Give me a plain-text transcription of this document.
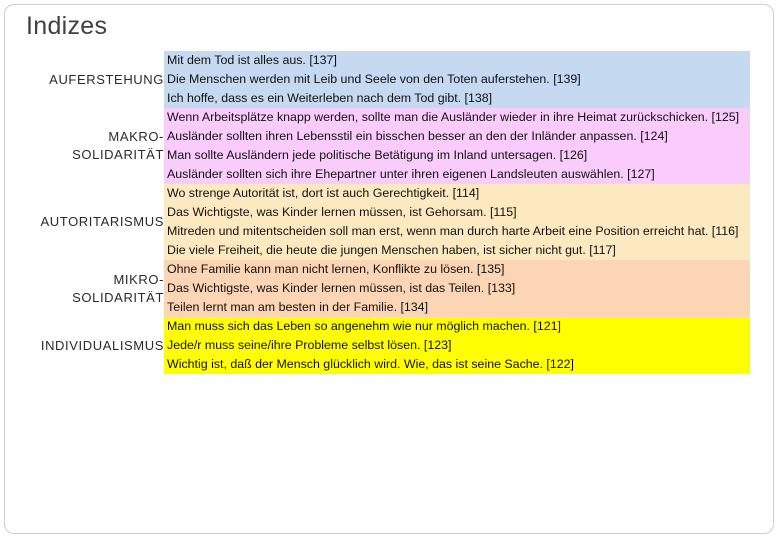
Indizes
AUFERSTEHUNG
Mit dem Tod ist alles aus. [137]
Die Menschen werden mit Leib und Seele von den Toten auferstehen. [139]
Ich hoffe, dass es ein Weiterleben nach dem Tod gibt. [138]
MAKRO-
SOLIDARITÄT
Wenn Arbeitsplätze knapp werden, sollte man die Ausländer wieder in ihre Heimat zurückschicken. [125]
Ausländer sollten ihren Lebensstil ein bisschen besser an den der Inländer anpassen. [124]
Man sollte Ausländern jede politische Betätigung im Inland untersagen. [126]
Ausländer sollten sich ihre Ehepartner unter ihren eigenen Landsleuten auswählen. [127]
AUTORITARISMUS
Wo strenge Autorität ist, dort ist auch Gerechtigkeit. [114]
Das Wichtigste, was Kinder lernen müssen, ist Gehorsam. [115]
Mitreden und mitentscheiden soll man erst, wenn man durch harte Arbeit eine Position erreicht hat. [116]
Die viele Freiheit, die heute die jungen Menschen haben, ist sicher nicht gut. [117]
MIKRO-
SOLIDARITÄT
Ohne Familie kann man nicht lernen, Konflikte zu lösen. [135]
Das Wichtigste, was Kinder lernen müssen, ist das Teilen. [133]
Teilen lernt man am besten in der Familie. [134]
INDIVIDUALISMUS
Man muss sich das Leben so angenehm wie nur möglich machen. [121]
Jede/r muss seine/ihre Probleme selbst lösen. [123]
Wichtig ist, daß der Mensch glücklich wird. Wie, das ist seine Sache. [122]
